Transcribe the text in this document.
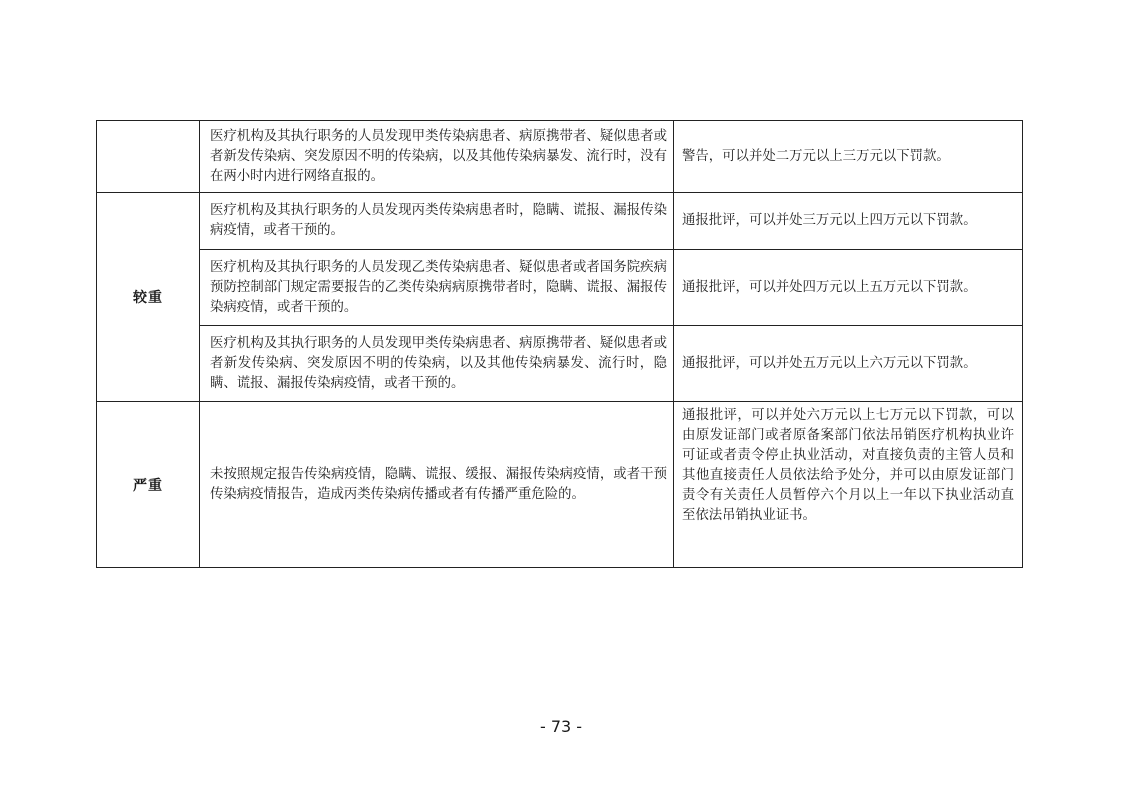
	医疗机构及其执行职务的人员发现甲类传染病患者、病原携带者、疑似患者或者新发传染病、突发原因不明的传染病，以及其他传染病暴发、流行时，没有在两小时内进行网络直报的。	警告，可以并处二万元以上三万元以下罚款。
较重	医疗机构及其执行职务的人员发现丙类传染病患者时，隐瞒、谎报、漏报传染病疫情，或者干预的。	通报批评，可以并处三万元以上四万元以下罚款。
	医疗机构及其执行职务的人员发现乙类传染病患者、疑似患者或者国务院疾病预防控制部门规定需要报告的乙类传染病病原携带者时，隐瞒、谎报、漏报传染病疫情，或者干预的。	通报批评，可以并处四万元以上五万元以下罚款。
	医疗机构及其执行职务的人员发现甲类传染病患者、病原携带者、疑似患者或者新发传染病、突发原因不明的传染病，以及其他传染病暴发、流行时，隐瞒、谎报、漏报传染病疫情，或者干预的。	通报批评，可以并处五万元以上六万元以下罚款。
严重	未按照规定报告传染病疫情，隐瞒、谎报、缓报、漏报传染病疫情，或者干预传染病疫情报告，造成丙类传染病传播或者有传播严重危险的。	通报批评，可以并处六万元以上七万元以下罚款，可以由原发证部门或者原备案部门依法吊销医疗机构执业许可证或者责令停止执业活动，对直接负责的主管人员和其他直接责任人员依法给予处分，并可以由原发证部门责令有关责任人员暂停六个月以上一年以下执业活动直至依法吊销执业证书。
- 73 -
